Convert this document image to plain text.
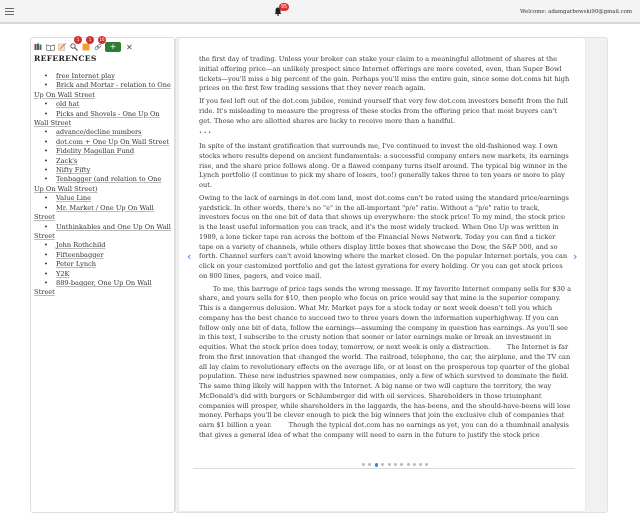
95
Welcome: adamgarbowski90@gmail.com
1	1	16
+	✕
REFERENCES
• free Internet play
• Brick and Mortar - relation to One Up On Wall Street
• old hat
• Picks and Shovels - One Up On Wall Street
• advance/decline numbers
• dot.com + One Up On Wall Street
• Fidelity Magellan Fund
• Zack's
• Nifty Fifty
• Tenbagger (and relation to One Up On Wall Street)
• Value Line
• Mr. Market / One Up On Wall Street
• Unthinkables and One Up On Wall Street
• John Rothchild
• Fifteenbagger
• Peter Lynch
• Y2K
• 889-bagger, One Up On Wall Street

the first day of trading. Unless your broker can stake your claim to a meaningful allotment of shares at the initial offering price—an unlikely prospect since Internet offerings are more coveted, even, than Super Bowl tickets—you'll miss a big percent of the gain. Perhaps you'll miss the entire gain, since some dot.coms hit high prices on the first few trading sessions that they never reach again.

If you feel left out of the dot.com jubilee, remind yourself that very few dot.com investors benefit from the full ride. It's misleading to measure the progress of these stocks from the offering price that most buyers can't get. Those who are allotted shares are lucky to receive more than a handful.

• • •

In spite of the instant gratification that surrounds me, I've continued to invest the old-fashioned way. I own stocks where results depend on ancient fundamentals: a successful company enters new markets, its earnings rise, and the share price follows along. Or a flawed company turns itself around. The typical big winner in the Lynch portfolio (I continue to pick my share of losers, too!) generally takes three to ten years or more to play out.

Owing to the lack of earnings in dot.com land, most dot.coms can't be rated using the standard price/earnings yardstick. In other words, there's no "e" in the all-important "p/e" ratio. Without a "p/e" ratio to track, investors focus on the one bit of data that shows up everywhere: the stock price! To my mind, the stock price is the least useful information you can track, and it's the most widely tracked. When One Up was written in 1989, a lone ticker tape ran across the bottom of the Financial News Network. Today you can find a ticker tape on a variety of channels, while others display little boxes that showcase the Dow, the S&P 500, and so forth. Channel surfers can't avoid knowing where the market closed. On the popular Internet portals, you can click on your customized portfolio and get the latest gyrations for every holding. Or you can get stock prices on 800 lines, pagers, and voice mail.

To me, this barrage of price tags sends the wrong message. If my favorite Internet company sells for $30 a share, and yours sells for $10, then people who focus on price would say that mine is the superior company. This is a dangerous delusion. What Mr. Market pays for a stock today or next week doesn't tell you which company has the best chance to succeed two to three years down the information superhighway. If you can follow only one bit of data, follow the earnings—assuming the company in question has earnings. As you'll see in this text, I subscribe to the crusty notion that sooner or later earnings make or break an investment in equities. What the stock price does today, tomorrow, or next week is only a distraction.        The Internet is far from the first innovation that changed the world. The railroad, telephone, the car, the airplane, and the TV can all lay claim to revolutionary effects on the average life, or at least on the prosperous top quarter of the global population. These new industries spawned new companies, only a few of which survived to dominate the field. The same thing likely will happen with the Internet. A big name or two will capture the territory, the way McDonald's did with burgers or Schlumberger did with oil services. Shareholders in those triumphant companies will prosper, while shareholders in the laggards, the has-beens, and the should-have-beens will lose money. Perhaps you'll be clever enough to pick the big winners that join the exclusive club of companies that earn $1 billion a year.        Though the typical dot.com has no earnings as yet, you can do a thumbnail analysis that gives a general idea of what the company will need to earn in the future to justify the stock price

‹	›
